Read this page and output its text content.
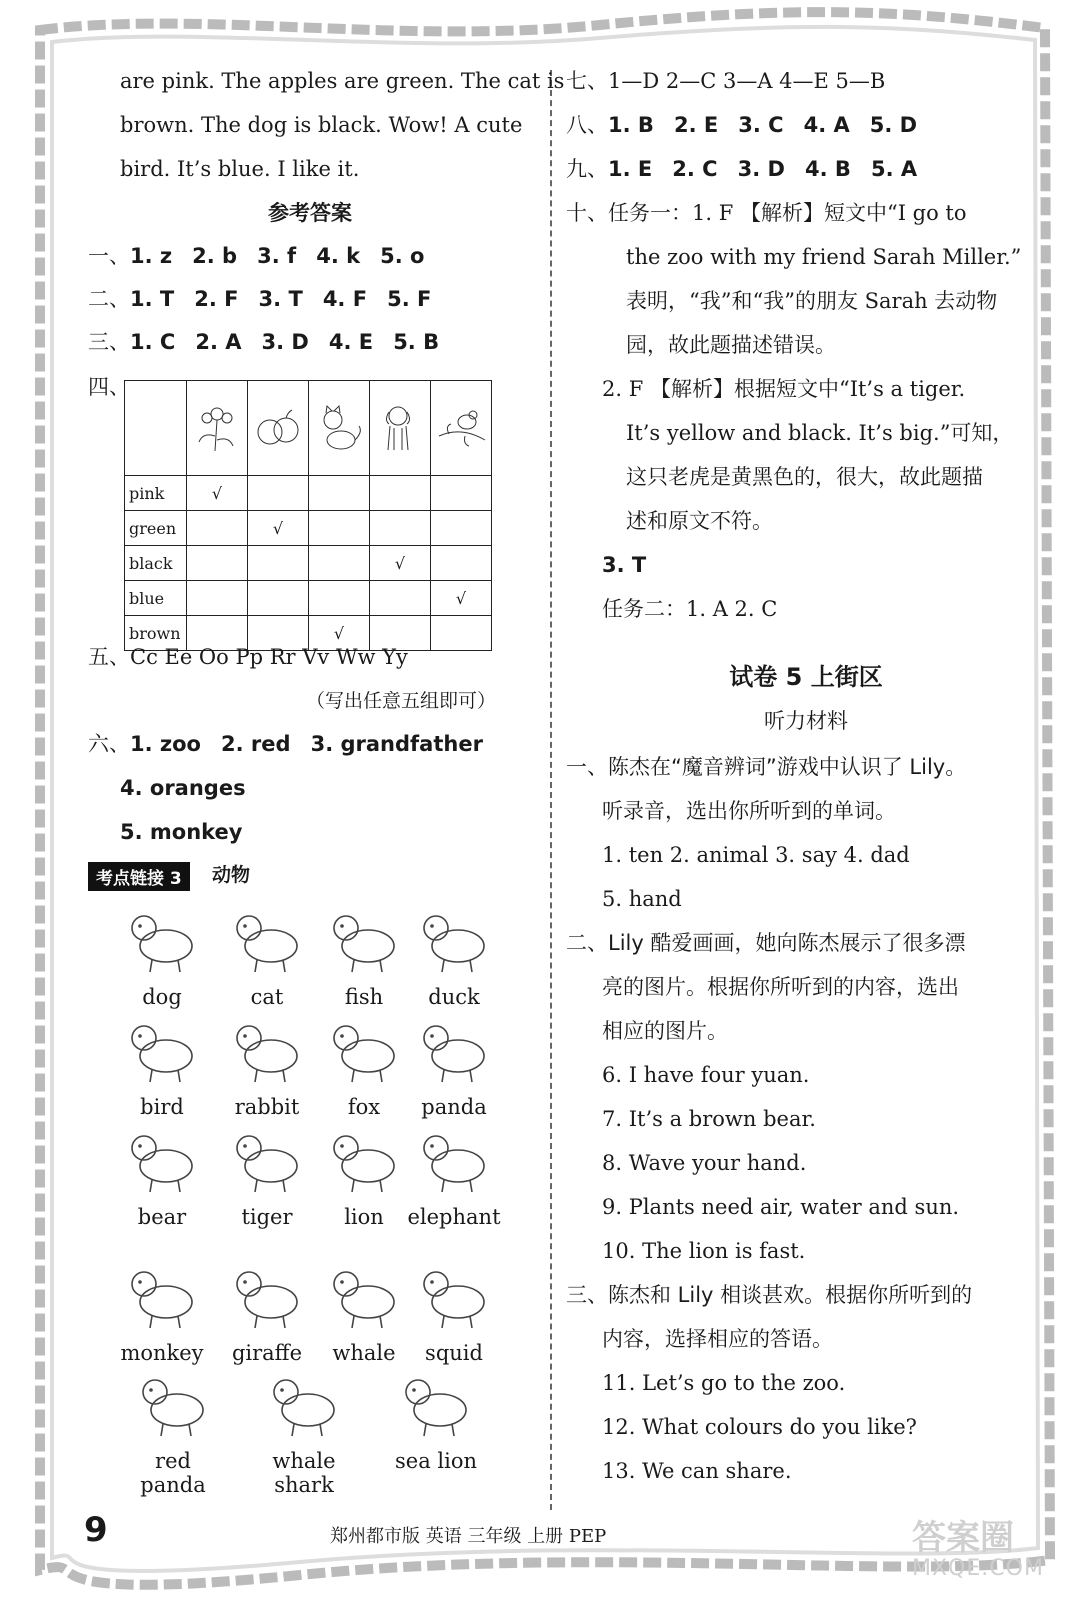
are pink. The apples are green. The cat is
brown. The dog is black. Wow! A cute
bird. It’s blue. I like it.
参考答案
一、1. z 2. b 3. f 4. k 5. o
二、1. T 2. F 3. T 4. F 5. F
三、1. C 2. A 3. D 4. E 5. B
四、

pink	√				
green		√			
black				√	
blue					√
brown			√		
五、Cc Ee Oo Pp Rr Vv Ww Yy
（写出任意五组即可）
六、1. zoo 2. red 3. grandfather
4. oranges
5. monkey
考点链接 3	动物
dog	cat	fish	duck
bird	rabbit	fox	panda
bear	tiger	lion	elephant
monkey	giraffe	whale	squid
red panda
whale shark
sea lion
七、1—D 2—C 3—A 4—E 5—B
八、1. B 2. E 3. C 4. A 5. D
九、1. E 2. C 3. D 4. B 5. A
十、任务一：1. F 【解析】短文中“I go to
the zoo with my friend Sarah Miller.”
表明，“我”和“我”的朋友 Sarah 去动物
园，故此题描述错误。
2. F 【解析】根据短文中“It’s a tiger.
It’s yellow and black. It’s big.”可知，
这只老虎是黄黑色的，很大，故此题描
述和原文不符。
3. T
任务二：1. A 2. C
试卷 5 上街区
听力材料
一、陈杰在“魔音辨词”游戏中认识了 Lily。
听录音，选出你所听到的单词。
1. ten 2. animal 3. say 4. dad
5. hand
二、Lily 酷爱画画，她向陈杰展示了很多漂
亮的图片。根据你所听到的内容，选出
相应的图片。
6. I have four yuan.
7. It’s a brown bear.
8. Wave your hand.
9. Plants need air, water and sun.
10. The lion is fast.
三、陈杰和 Lily 相谈甚欢。根据你所听到的
内容，选择相应的答语。
11. Let’s go to the zoo.
12. What colours do you like?
13. We can share.
9	郑州都市版 英语 三年级 上册 PEP	答案圈
MXQE.COM
